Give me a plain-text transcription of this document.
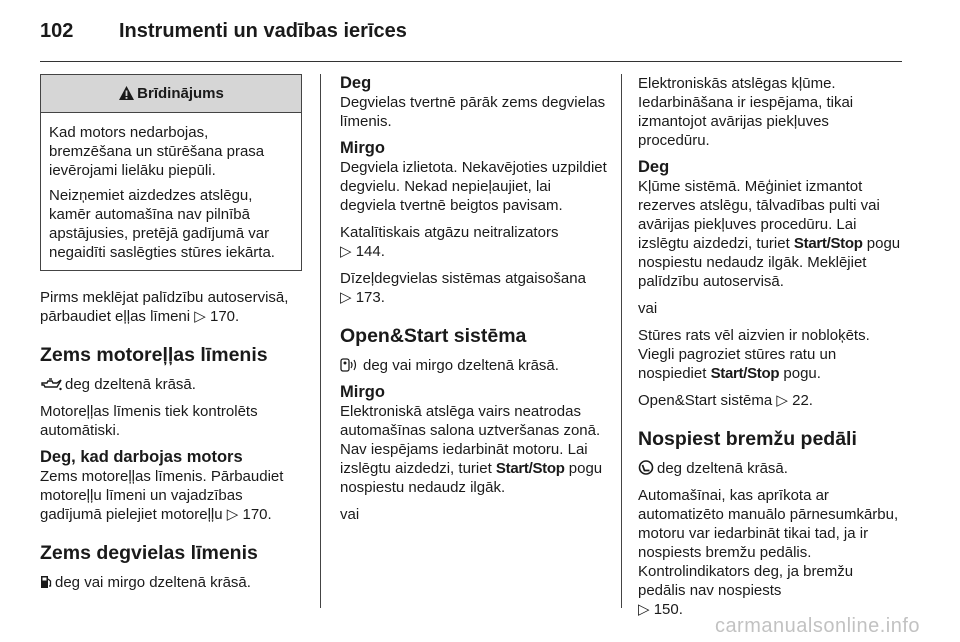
102 Instrumenti un vadības ierīces
Brīdinājums

Kad motors nedarbojas, bremzēšana un stūrēšana prasa ievērojami lielāku piepūli.

Neizņemiet aizdedzes atslēgu, kamēr automašīna nav pilnībā apstājusies, pretējā gadījumā var negaidīti saslēgties stūres iekārta.

Pirms meklējat palīdzību autoservisā, pārbaudiet eļļas līmeni ▷ 170.

Zems motoreļļas līmenis

deg dzeltenā krāsā.

Motoreļļas līmenis tiek kontrolēts automātiski.

Deg, kad darbojas motors

Zems motoreļļas līmenis. Pārbaudiet motoreļļu līmeni un vajadzības gadījumā pielejiet motoreļļu ▷ 170.

Zems degvielas līmenis

deg vai mirgo dzeltenā krāsā.

Deg

Degvielas tvertnē pārāk zems degvielas līmenis.

Mirgo

Degviela izlietota. Nekavējoties uzpildiet degvielu. Nekad nepieļaujiet, lai degviela tvertnē beigtos pavisam.

Katalītiskais atgāzu neitralizators
▷ 144.

Dīzeļdegvielas sistēmas atgaisošana
▷ 173.

Open&Start sistēma

deg vai mirgo dzeltenā krāsā.

Mirgo

Elektroniskā atslēga vairs neatrodas automašīnas salona uztveršanas zonā. Nav iespējams iedarbināt motoru. Lai izslēgtu aizdedzi, turiet Start/Stop pogu nospiestu nedaudz ilgāk.

vai

Elektroniskās atslēgas kļūme. Iedarbināšana ir iespējama, tikai izmantojot avārijas piekļuves procedūru.

Deg

Kļūme sistēmā. Mēģiniet izmantot rezerves atslēgu, tālvadības pulti vai avārijas piekļuves procedūru. Lai izslēgtu aizdedzi, turiet Start/Stop pogu nospiestu nedaudz ilgāk. Meklējiet palīdzību autoservisā.

vai

Stūres rats vēl aizvien ir nobloķēts. Viegli pagroziet stūres ratu un nospiediet Start/Stop pogu.

Open&Start sistēma ▷ 22.

Nospiest bremžu pedāli

deg dzeltenā krāsā.

Automašīnai, kas aprīkota ar automatizēto manuālo pārnesumkārbu, motoru var iedarbināt tikai tad, ja ir nospiests bremžu pedālis. Kontrolindikators deg, ja bremžu pedālis nav nospiests
▷ 150.

carmanualsonline.info
